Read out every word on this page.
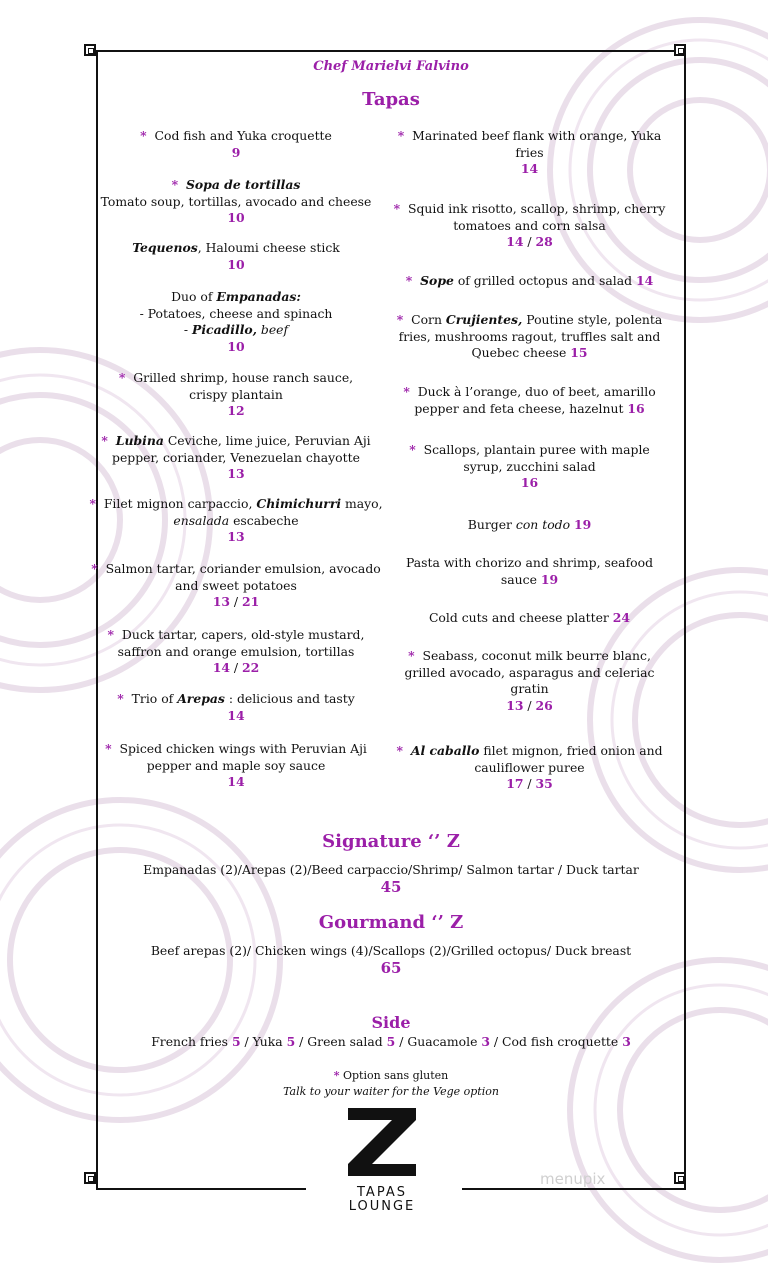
Chef Marielvi Falvino
Tapas
* Cod fish and Yuka croquette
9
* Sopa de tortillas
Tomato soup, tortillas, avocado and cheese
10
Tequenos, Haloumi cheese stick
10
Duo of Empanadas:
- Potatoes, cheese and spinach
- Picadillo, beef
10
* Grilled shrimp, house ranch sauce, crispy plantain
12
* Lubina Ceviche, lime juice, Peruvian Aji pepper, coriander, Venezuelan chayotte
13
* Filet mignon carpaccio, Chimichurri mayo,
ensalada escabeche
13
* Salmon tartar, coriander emulsion, avocado and sweet potatoes
13 / 21
* Duck tartar, capers, old-style mustard, saffron and orange emulsion, tortillas
14 / 22
* Trio of Arepas : delicious and tasty
14
* Spiced chicken wings with Peruvian Aji pepper and maple soy sauce
14
* Marinated beef flank with orange, Yuka fries
14
* Squid ink risotto, scallop, shrimp, cherry tomatoes and corn salsa
14 / 28
* Sope of grilled octopus and salad 14
* Corn Crujientes, Poutine style, polenta fries, mushrooms ragout, truffles salt and Quebec cheese 15
* Duck à l’orange, duo of beet, amarillo pepper and feta cheese, hazelnut 16
* Scallops, plantain puree with maple syrup, zucchini salad
16
Burger con todo 19
Pasta with chorizo and shrimp, seafood sauce 19
Cold cuts and cheese platter 24
* Seabass, coconut milk beurre blanc, grilled avocado, asparagus and celeriac gratin
13 / 26
* Al caballo filet mignon, fried onion and cauliflower puree
17 / 35
Signature ‘’ Z
Empanadas (2)/Arepas (2)/Beed carpaccio/Shrimp/ Salmon tartar / Duck tartar
45
Gourmand ‘’ Z
Beef arepas (2)/ Chicken wings (4)/Scallops (2)/Grilled octopus/ Duck breast
65
Side
French fries 5 / Yuka 5 / Green salad 5 / Guacamole 3 / Cod fish croquette 3
* Option sans gluten
Talk to your waiter for the Vege option
Z
TAPAS
LOUNGE
menupix
